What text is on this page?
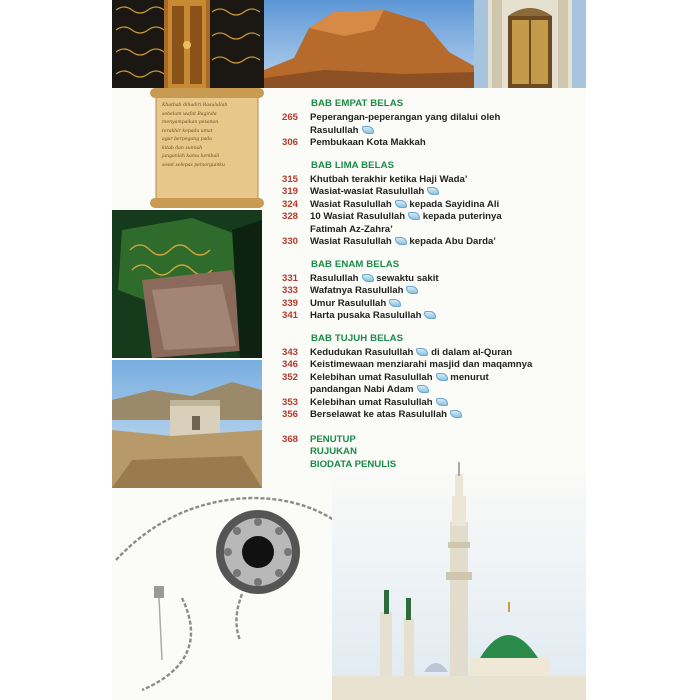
Khatbah dihadiri Rasulullah
sebelum wafat Baginda
menyampaikan pesanan
terakhir kepada umat
agar berpegang pada
kitab dan sunnah
janganlah kamu kembali
sesat selepas pemergianku
BAB EMPAT BELAS
265	Peperangan-peperangan yang dilalui oleh
Rasulullah
306	Pembukaan Kota Makkah
BAB LIMA BELAS
315	Khutbah terakhir ketika Haji Wada’
319	Wasiat-wasiat Rasulullah
324	Wasiat Rasulullah kepada Sayidina Ali
328	10 Wasiat Rasulullah kepada puterinya
Fatimah Az-Zahra’
330	Wasiat Rasulullah kepada Abu Darda’
BAB ENAM BELAS
331	Rasulullah sewaktu sakit
333	Wafatnya Rasulullah
339	Umur Rasulullah
341	Harta pusaka Rasulullah
BAB TUJUH BELAS
343	Kedudukan Rasulullah di dalam al-Quran
346	Keistimewaan menziarahi masjid dan maqamnya
352	Kelebihan umat Rasulullah menurut
pandangan Nabi Adam
353	Kelebihan umat Rasulullah
356	Berselawat ke atas Rasulullah
368	PENUTUP
RUJUKAN
BIODATA PENULIS
